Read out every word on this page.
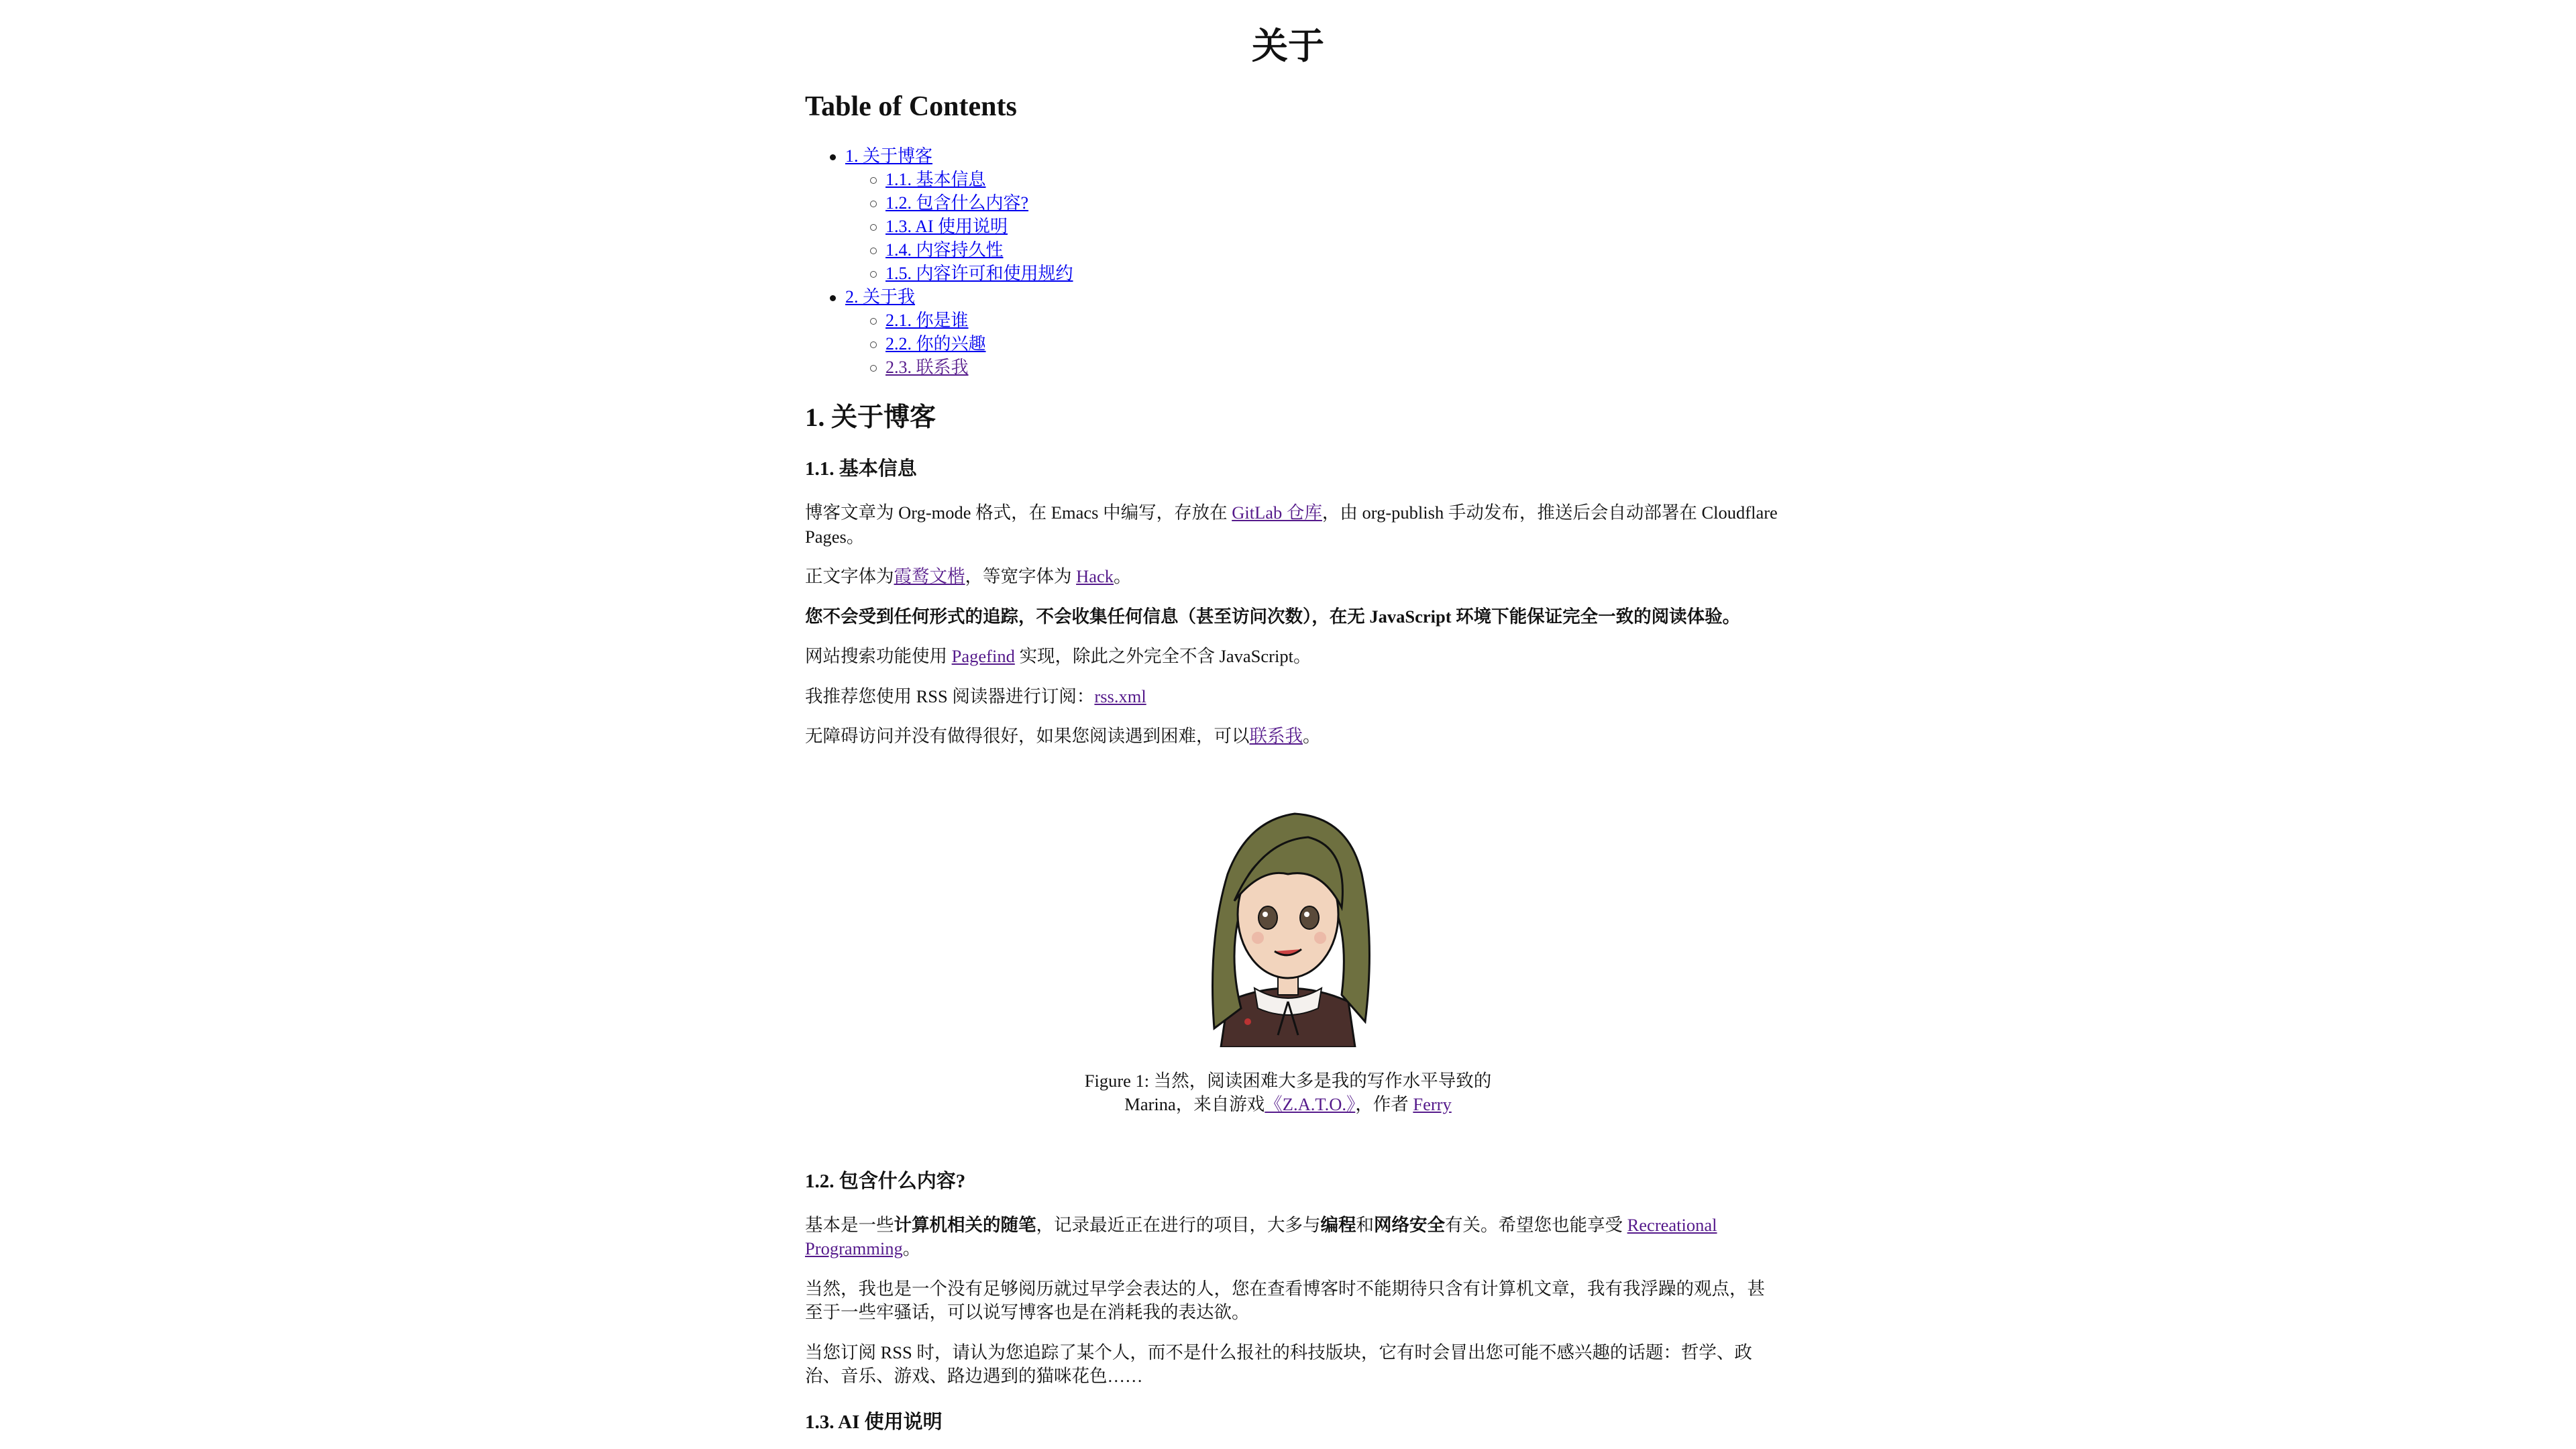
关于
Table of Contents
1. 关于博客
1.1. 基本信息
1.2. 包含什么内容?
1.3. AI 使用说明
1.4. 内容持久性
1.5. 内容许可和使用规约
2. 关于我
2.1. 你是谁
2.2. 你的兴趣
2.3. 联系我
1. 关于博客
1.1. 基本信息

博客文章为 Org-mode 格式，在 Emacs 中编写，存放在 GitLab 仓库，由 org-publish 手动发布，推送后会自动部署在 Cloudflare Pages。

正文字体为霞鹜文楷，等宽字体为 Hack。

您不会受到任何形式的追踪，不会收集任何信息（甚至访问次数），在无 JavaScript 环境下能保证完全一致的阅读体验。

网站搜索功能使用 Pagefind 实现，除此之外完全不含 JavaScript。

我推荐您使用 RSS 阅读器进行订阅：rss.xml

无障碍访问并没有做得很好，如果您阅读遇到困难，可以联系我。

Figure 1: 当然，阅读困难大多是我的写作水平导致的
Marina，来自游戏《Z.A.T.O.》，作者 Ferry
1.2. 包含什么内容?

基本是一些计算机相关的随笔，记录最近正在进行的项目，大多与编程和网络安全有关。希望您也能享受 Recreational Programming。

当然，我也是一个没有足够阅历就过早学会表达的人，您在查看博客时不能期待只含有计算机文章，我有我浮躁的观点，甚至于一些牢骚话，可以说写博客也是在消耗我的表达欲。

当您订阅 RSS 时，请认为您追踪了某个人，而不是什么报社的科技版块，它有时会冒出您可能不感兴趣的话题：哲学、政治、音乐、游戏、路边遇到的猫咪花色……

1.3. AI 使用说明
